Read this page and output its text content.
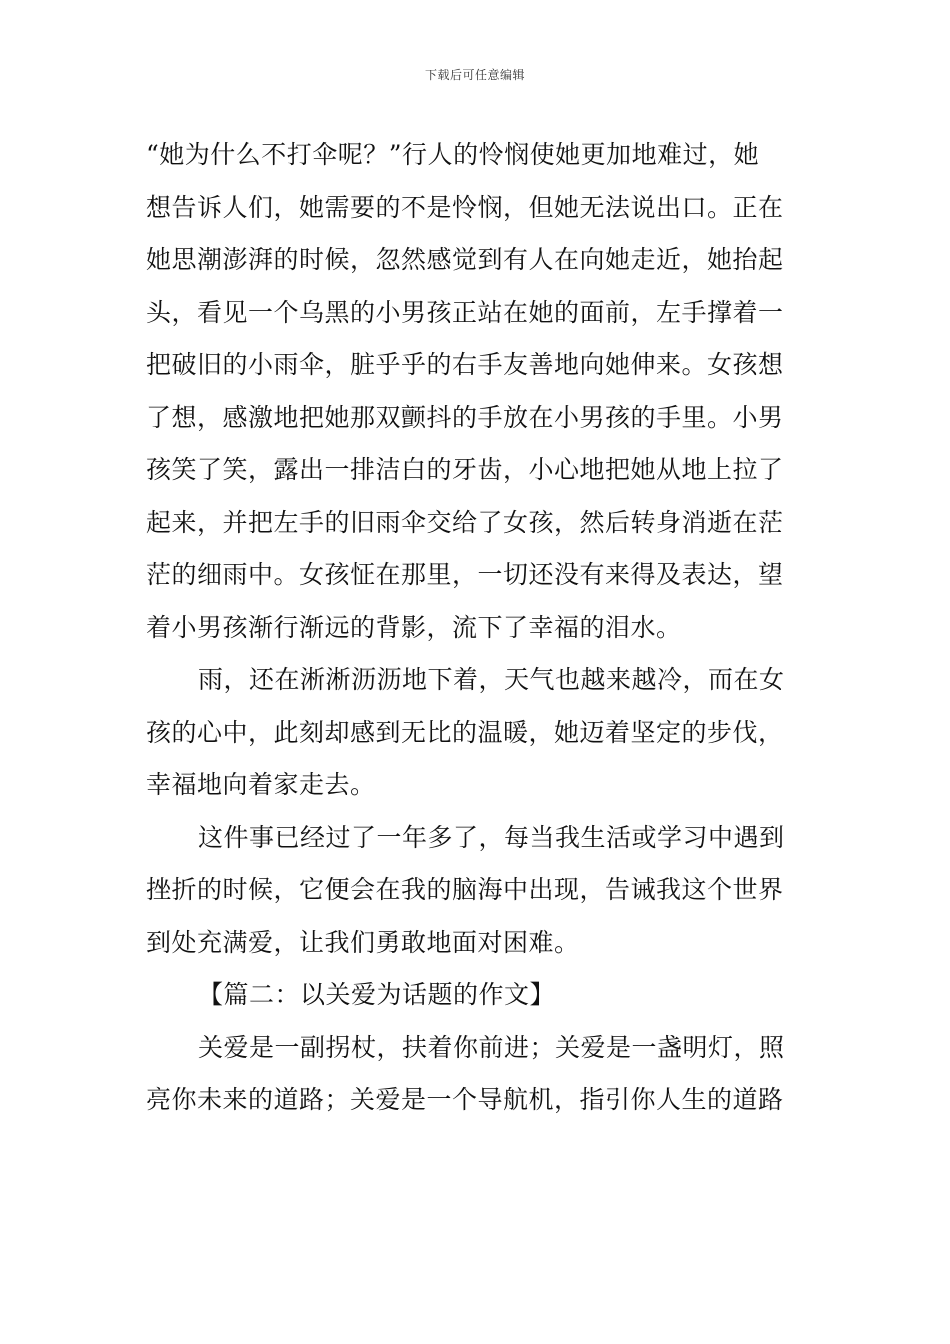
下载后可任意编辑
“她为什么不打伞呢？”行人的怜悯使她更加地难过，她
想告诉人们，她需要的不是怜悯，但她无法说出口。正在
她思潮澎湃的时候，忽然感觉到有人在向她走近，她抬起
头，看见一个乌黑的小男孩正站在她的面前，左手撑着一
把破旧的小雨伞，脏乎乎的右手友善地向她伸来。女孩想
了想，感激地把她那双颤抖的手放在小男孩的手里。小男
孩笑了笑，露出一排洁白的牙齿，小心地把她从地上拉了
起来，并把左手的旧雨伞交给了女孩，然后转身消逝在茫
茫的细雨中。女孩怔在那里，一切还没有来得及表达，望
着小男孩渐行渐远的背影，流下了幸福的泪水。
雨，还在淅淅沥沥地下着，天气也越来越冷，而在女
孩的心中，此刻却感到无比的温暖，她迈着坚定的步伐，
幸福地向着家走去。
这件事已经过了一年多了，每当我生活或学习中遇到
挫折的时候，它便会在我的脑海中出现，告诫我这个世界
到处充满爱，让我们勇敢地面对困难。
【篇二：以关爱为话题的作文】
关爱是一副拐杖，扶着你前进；关爱是一盏明灯，照
亮你未来的道路；关爱是一个导航机，指引你人生的道路
